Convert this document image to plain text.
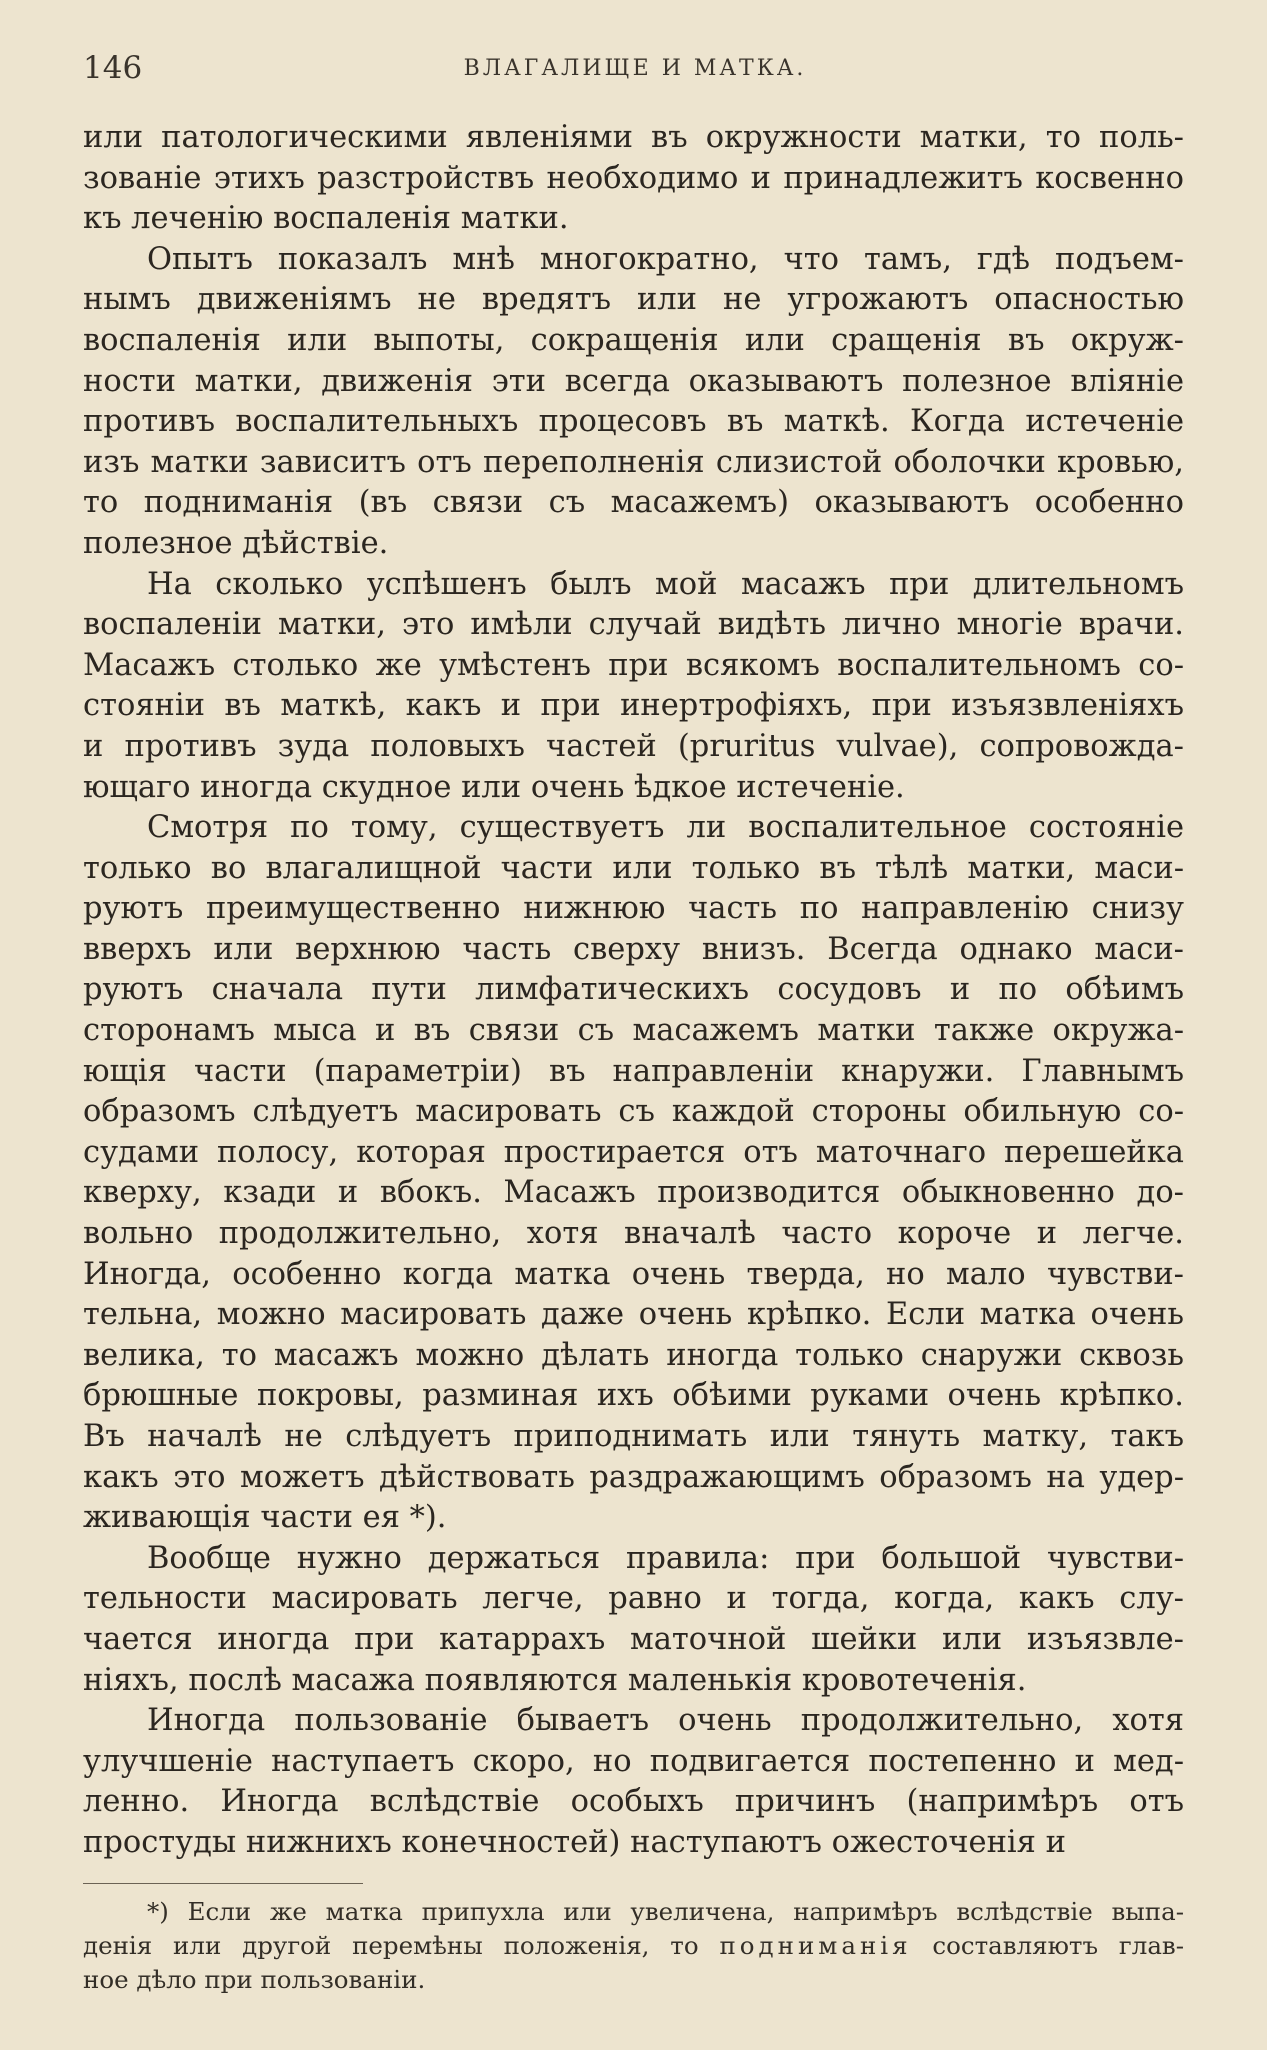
146	ВЛАГАЛИЩЕ И МАТКА.

или патологическими явленіями въ окружности матки, то поль-
зованіе этихъ разстройствъ необходимо и принадлежитъ косвенно
къ леченію воспаленія матки.

Опытъ показалъ мнѣ многократно, что тамъ, гдѣ подъем-
нымъ движеніямъ не вредятъ или не угрожаютъ опасностью
воспаленія или выпоты, сокращенія или сращенія въ окруж-
ности матки, движенія эти всегда оказываютъ полезное вліяніе
противъ воспалительныхъ процесовъ въ маткѣ. Когда истеченіе
изъ матки зависитъ отъ переполненія слизистой оболочки кровью,
то подниманія (въ связи съ масажемъ) оказываютъ особенно
полезное дѣйствіе.

На сколько успѣшенъ былъ мой масажъ при длительномъ
воспаленіи матки, это имѣли случай видѣть лично многіе врачи.
Масажъ столько же умѣстенъ при всякомъ воспалительномъ со-
стояніи въ маткѣ, какъ и при инертрофіяхъ, при изъязвленіяхъ
и противъ зуда половыхъ частей (pruritus vulvae), сопровожда-
ющаго иногда скудное или очень ѣдкое истеченіе.

Смотря по тому, существуетъ ли воспалительное состояніе
только во влагалищной части или только въ тѣлѣ матки, маси-
руютъ преимущественно нижнюю часть по направленію снизу
вверхъ или верхнюю часть сверху внизъ. Всегда однако маси-
руютъ сначала пути лимфатическихъ сосудовъ и по обѣимъ
сторонамъ мыса и въ связи съ масажемъ матки также окружа-
ющія части (параметріи) въ направленіи кнаружи. Главнымъ
образомъ слѣдуетъ масировать съ каждой стороны обильную со-
судами полосу, которая простирается отъ маточнаго перешейка
кверху, кзади и вбокъ. Масажъ производится обыкновенно до-
вольно продолжительно, хотя вначалѣ часто короче и легче.
Иногда, особенно когда матка очень тверда, но мало чувстви-
тельна, можно масировать даже очень крѣпко. Если матка очень
велика, то масажъ можно дѣлать иногда только снаружи сквозь
брюшные покровы, разминая ихъ обѣими руками очень крѣпко.
Въ началѣ не слѣдуетъ приподнимать или тянуть матку, такъ
какъ это можетъ дѣйствовать раздражающимъ образомъ на удер-
живающія части ея *).

Вообще нужно держаться правила: при большой чувстви-
тельности масировать легче, равно и тогда, когда, какъ слу-
чается иногда при катаррахъ маточной шейки или изъязвле-
ніяхъ, послѣ масажа появляются маленькія кровотеченія.

Иногда пользованіе бываетъ очень продолжительно, хотя
улучшеніе наступаетъ скоро, но подвигается постепенно и мед-
ленно. Иногда вслѣдствіе особыхъ причинъ (напримѣръ отъ
простуды нижнихъ конечностей) наступаютъ ожесточенія и

*) Если же матка припухла или увеличена, напримѣръ вслѣдствіе выпа-
денія или другой перемѣны положенія, то подниманія составляютъ глав-
ное дѣло при пользованіи.
